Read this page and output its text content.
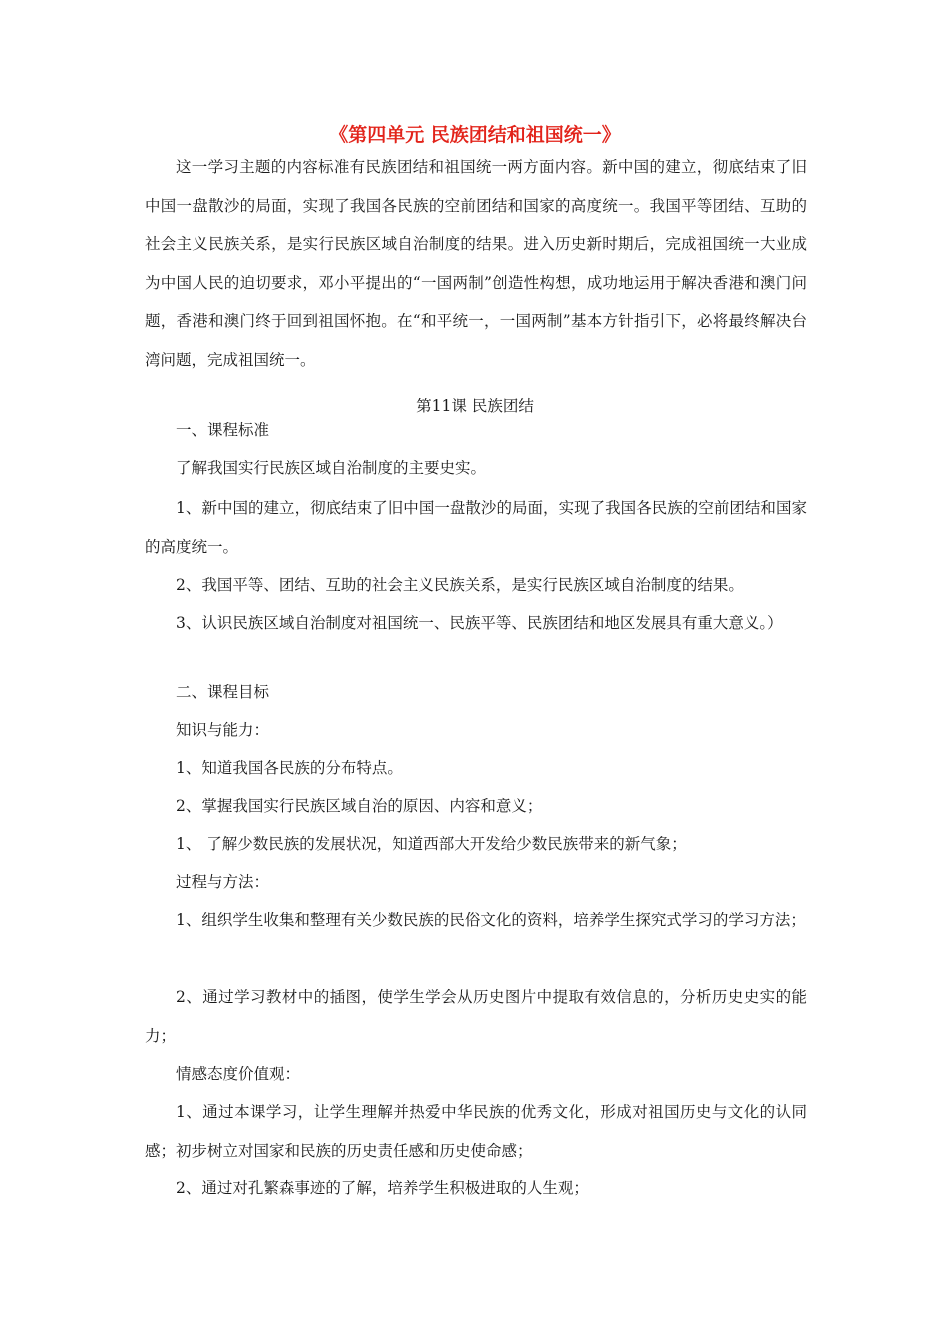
《第四单元 民族团结和祖国统一》

这一学习主题的内容标准有民族团结和祖国统一两方面内容。新中国的建立，彻底结束了旧中国一盘散沙的局面，实现了我国各民族的空前团结和国家的高度统一。我国平等团结、互助的社会主义民族关系，是实行民族区域自治制度的结果。进入历史新时期后，完成祖国统一大业成为中国人民的迫切要求，邓小平提出的“一国两制”创造性构想，成功地运用于解决香港和澳门问题，香港和澳门终于回到祖国怀抱。在“和平统一，一国两制”基本方针指引下，必将最终解决台湾问题，完成祖国统一。

第11课 民族团结
一、课程标准
了解我国实行民族区域自治制度的主要史实。

1、新中国的建立，彻底结束了旧中国一盘散沙的局面，实现了我国各民族的空前团结和国家的高度统一。

2、我国平等、团结、互助的社会主义民族关系，是实行民族区域自治制度的结果。

3、认识民族区域自治制度对祖国统一、民族平等、民族团结和地区发展具有重大意义。）

二、课程目标
知识与能力：
1、知道我国各民族的分布特点。
2、掌握我国实行民族区域自治的原因、内容和意义；
1、 了解少数民族的发展状况，知道西部大开发给少数民族带来的新气象；
过程与方法：

1、组织学生收集和整理有关少数民族的民俗文化的资料，培养学生探究式学习的学习方法；

2、通过学习教材中的插图，使学生学会从历史图片中提取有效信息的，分析历史史实的能力；

情感态度价值观：

1、通过本课学习，让学生理解并热爱中华民族的优秀文化，形成对祖国历史与文化的认同感；初步树立对国家和民族的历史责任感和历史使命感；

2、通过对孔繁森事迹的了解，培养学生积极进取的人生观；
